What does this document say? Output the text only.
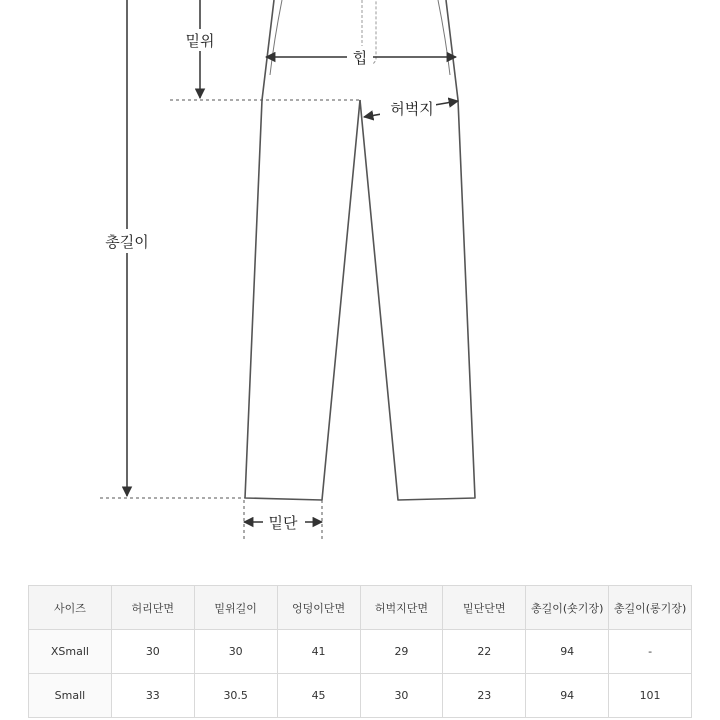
밑위
힙
허벅지
총길이
밑단
사이즈	허리단면	밑위길이	엉덩이단면	허벅지단면	밑단단면	총길이(숏기장)	총길이(롱기장)
XSmall	30	30	41	29	22	94	-
Small	33	30.5	45	30	23	94	101
